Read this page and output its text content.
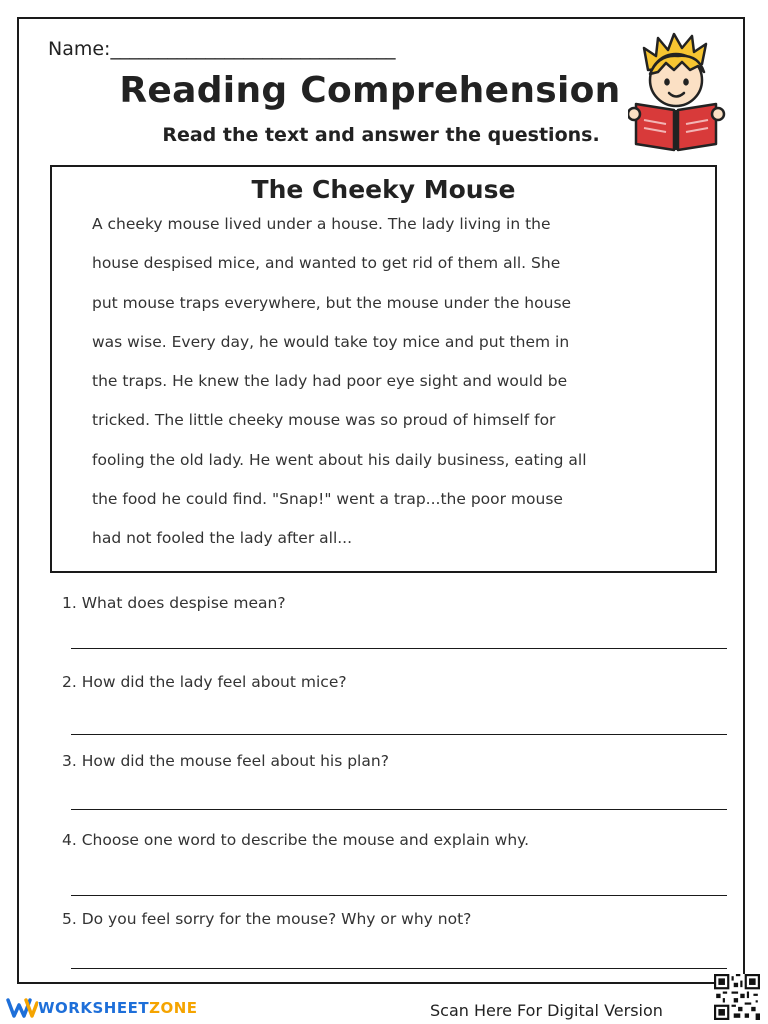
Name:______________________________
Reading Comprehension
Read the text and answer the questions.
The Cheeky Mouse
A cheeky mouse lived under a house. The lady living in the
house despised mice, and wanted to get rid of them all. She
put mouse traps everywhere, but the mouse under the house
was wise. Every day, he would take toy mice and put them in
the traps. He knew the lady had poor eye sight and would be
tricked. The little cheeky mouse was so proud of himself for
fooling the old lady. He went about his daily business, eating all
the food he could find. "Snap!" went a trap...the poor mouse
had not fooled the lady after all...
1. What does despise mean?
2. How did the lady feel about mice?
3. How did the mouse feel about his plan?
4. Choose one word to describe the mouse and explain why.
5. Do you feel sorry for the mouse? Why or why not?
WORKSHEET ZONE	Scan Here For Digital Version
